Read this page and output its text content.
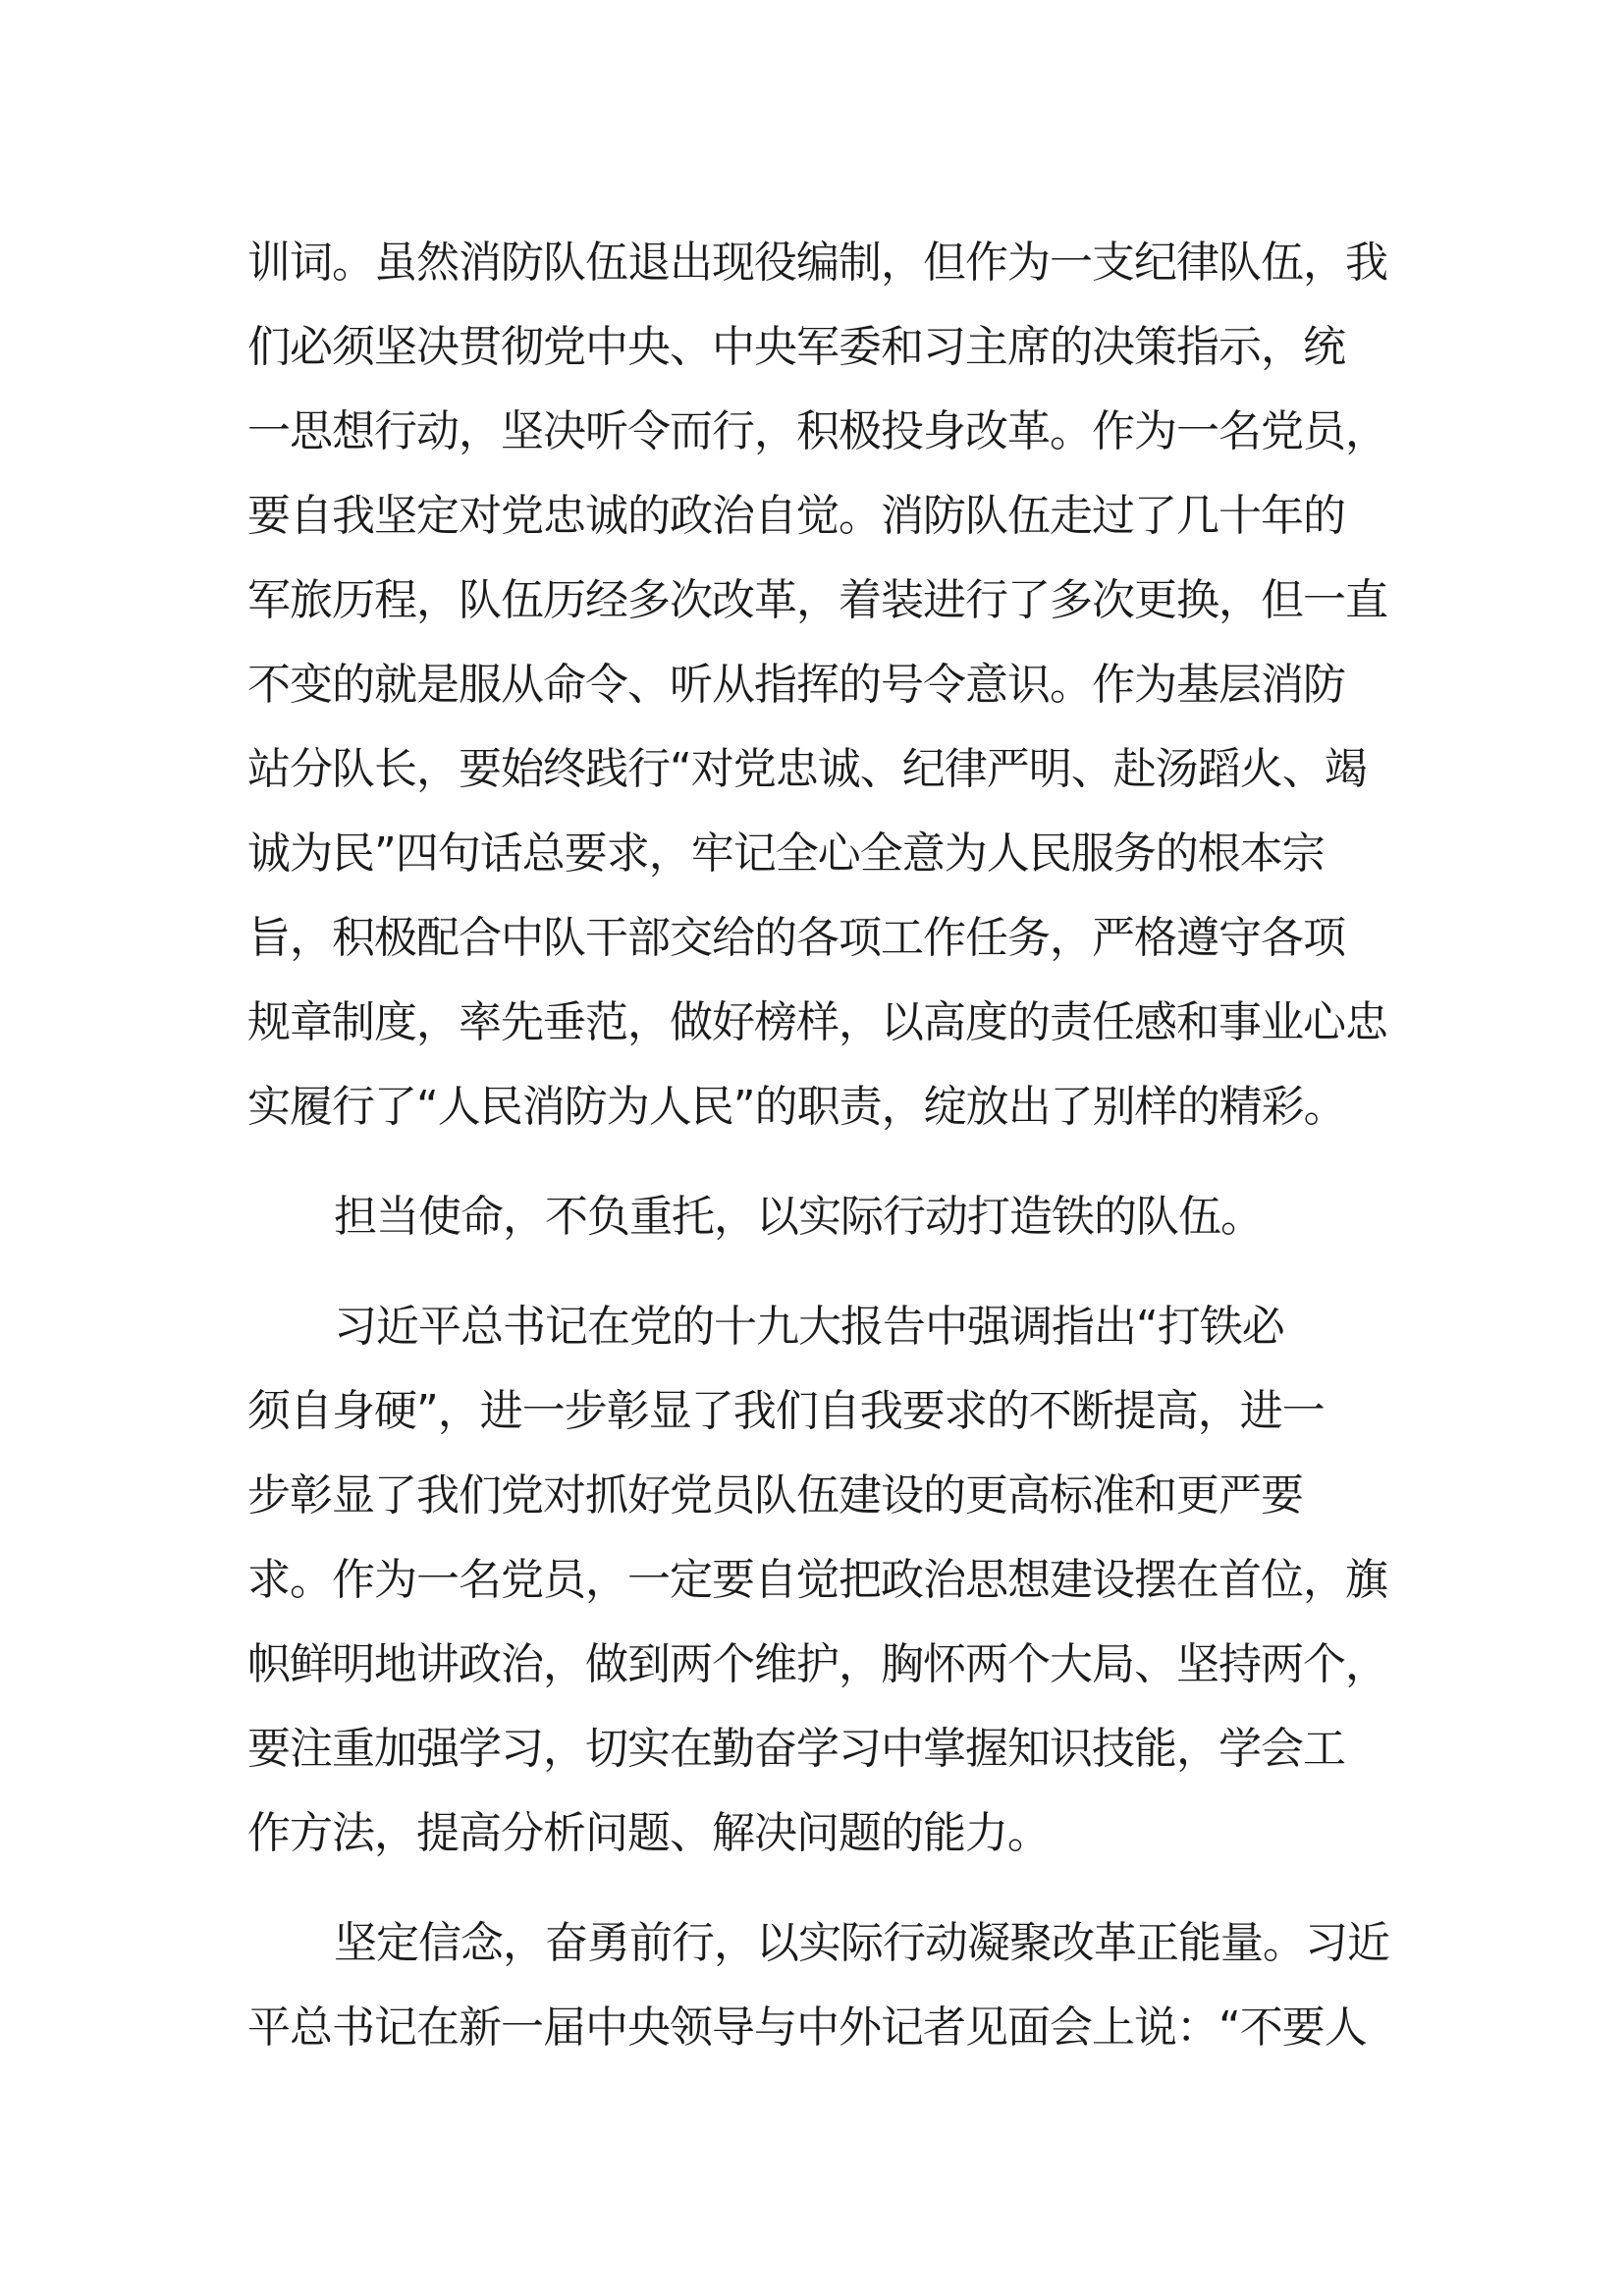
训词。虽然消防队伍退出现役编制，但作为一支纪律队伍，我
们必须坚决贯彻党中央、中央军委和习主席的决策指示，统
一思想行动，坚决听令而行，积极投身改革。作为一名党员，
要自我坚定对党忠诚的政治自觉。消防队伍走过了几十年的
军旅历程，队伍历经多次改革，着装进行了多次更换，但一直
不变的就是服从命令、听从指挥的号令意识。作为基层消防
站分队长，要始终践行“对党忠诚、纪律严明、赴汤蹈火、竭
诚为民”四句话总要求，牢记全心全意为人民服务的根本宗
旨，积极配合中队干部交给的各项工作任务，严格遵守各项
规章制度，率先垂范，做好榜样，以高度的责任感和事业心忠
实履行了“人民消防为人民”的职责，绽放出了别样的精彩。
担当使命，不负重托，以实际行动打造铁的队伍。
习近平总书记在党的十九大报告中强调指出“打铁必
须自身硬”，进一步彰显了我们自我要求的不断提高，进一
步彰显了我们党对抓好党员队伍建设的更高标准和更严要
求。作为一名党员，一定要自觉把政治思想建设摆在首位，旗
帜鲜明地讲政治，做到两个维护，胸怀两个大局、坚持两个，
要注重加强学习，切实在勤奋学习中掌握知识技能，学会工
作方法，提高分析问题、解决问题的能力。
坚定信念，奋勇前行，以实际行动凝聚改革正能量。习近
平总书记在新一届中央领导与中外记者见面会上说：“不要人
